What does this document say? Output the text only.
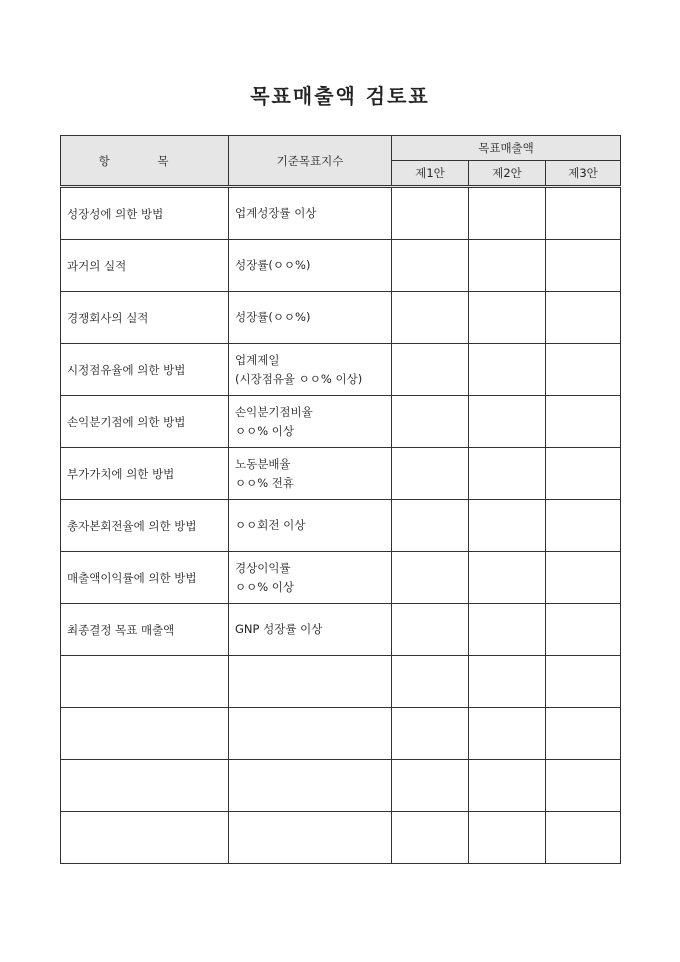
목표매출액 검토표
항 목	기준목표지수	목표매출액		
		제1안	제2안	제3안
성장성에 의한 방법	업계성장률 이상			

과거의 실적	성장률(ㅇㅇ%)			

경쟁회사의 실적	성장률(ㅇㅇ%)			

시정점유율에 의한 방법	업계제일
(시장점유율 ㅇㅇ% 이상)			

손익분기점에 의한 방법	손익분기점비율
ㅇㅇ% 이상			

부가가치에 의한 방법	노동분배율
ㅇㅇ% 전휴			

총자본회전율에 의한 방법	ㅇㅇ회전 이상			

매출액이익률에 의한 방법	경상이익률
ㅇㅇ% 이상			

최종결정 목표 매출액	GNP 성장률 이상			
